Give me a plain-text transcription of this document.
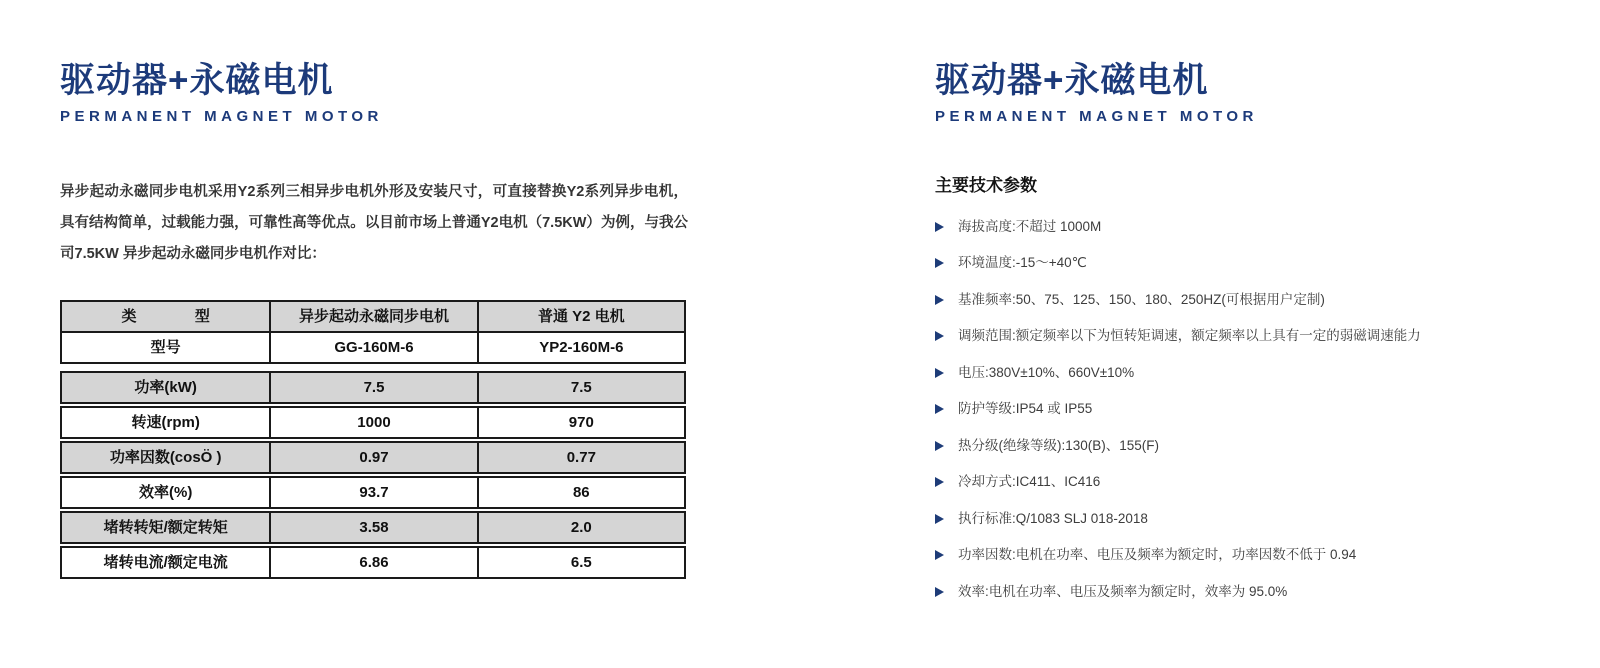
驱动器+永磁电机
PERMANENT MAGNET MOTOR

异步起动永磁同步电机采用Y2系列三相异步电机外形及安装尺寸，可直接替换Y2系列异步电机，具有结构简单，过载能力强，可靠性高等优点。以目前市场上普通Y2电机（7.5KW）为例，与我公司7.5KW 异步起动永磁同步电机作对比：

类              型	异步起动永磁同步电机	普通 Y2 电机
型号	GG-160M-6	YP2-160M-6
功率(kW)	7.5	7.5
转速(rpm)	1000	970
功率因数(cosÖ )	0.97	0.77
效率(%)	93.7	86
堵转转矩/额定转矩	3.58	2.0
堵转电流/额定电流	6.86	6.5
驱动器+永磁电机
PERMANENT MAGNET MOTOR
主要技术参数
海拔高度:不超过 1000M
环境温度:-15～+40℃
基准频率:50、75、125、150、180、250HZ(可根据用户定制)
调频范围:额定频率以下为恒转矩调速，额定频率以上具有一定的弱磁调速能力
电压:380V±10%、660V±10%
防护等级:IP54 或 IP55
热分级(绝缘等级):130(B)、155(F)
冷却方式:IC411、IC416
执行标准:Q/1083 SLJ 018-2018
功率因数:电机在功率、电压及频率为额定时，功率因数不低于 0.94
效率:电机在功率、电压及频率为额定时，效率为 95.0%
